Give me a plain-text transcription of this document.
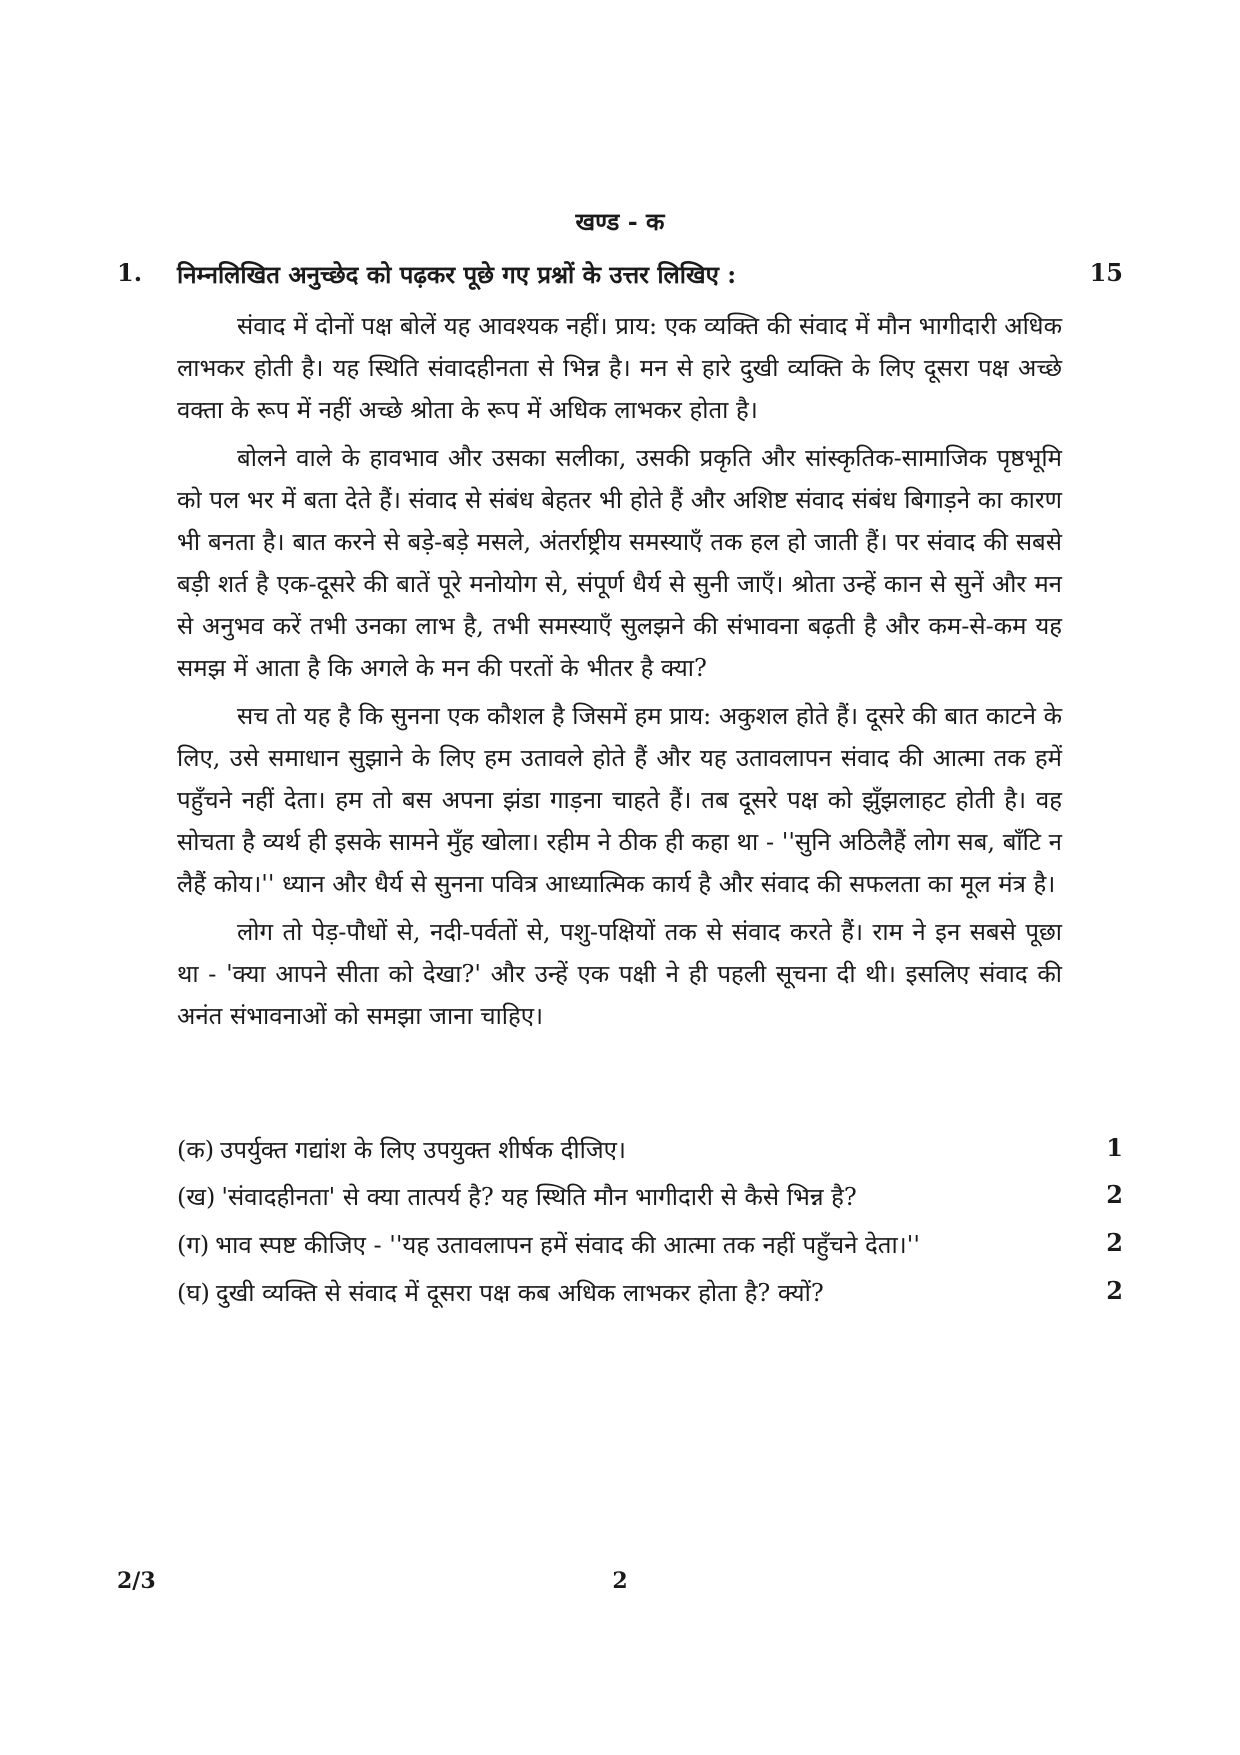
खण्ड - क
1. निम्नलिखित अनुच्छेद को पढ़कर पूछे गए प्रश्नों के उत्तर लिखिए :	15

संवाद में दोनों पक्ष बोलें यह आवश्यक नहीं। प्राय: एक व्यक्ति की संवाद में मौन भागीदारी अधिक लाभकर होती है। यह स्थिति संवादहीनता से भिन्न है। मन से हारे दुखी व्यक्ति के लिए दूसरा पक्ष अच्छे वक्ता के रूप में नहीं अच्छे श्रोता के रूप में अधिक लाभकर होता है।

बोलने वाले के हावभाव और उसका सलीका, उसकी प्रकृति और सांस्कृतिक-सामाजिक पृष्ठभूमि को पल भर में बता देते हैं। संवाद से संबंध बेहतर भी होते हैं और अशिष्ट संवाद संबंध बिगाड़ने का कारण भी बनता है। बात करने से बड़े-बड़े मसले, अंतर्राष्ट्रीय समस्याएँ तक हल हो जाती हैं। पर संवाद की सबसे बड़ी शर्त है एक-दूसरे की बातें पूरे मनोयोग से, संपूर्ण धैर्य से सुनी जाएँ। श्रोता उन्हें कान से सुनें और मन से अनुभव करें तभी उनका लाभ है, तभी समस्याएँ सुलझने की संभावना बढ़ती है और कम-से-कम यह समझ में आता है कि अगले के मन की परतों के भीतर है क्या?

सच तो यह है कि सुनना एक कौशल है जिसमें हम प्राय: अकुशल होते हैं। दूसरे की बात काटने के लिए, उसे समाधान सुझाने के लिए हम उतावले होते हैं और यह उतावलापन संवाद की आत्मा तक हमें पहुँचने नहीं देता। हम तो बस अपना झंडा गाड़ना चाहते हैं। तब दूसरे पक्ष को झुँझलाहट होती है। वह सोचता है व्यर्थ ही इसके सामने मुँह खोला। रहीम ने ठीक ही कहा था - ''सुनि अठिलैहैं लोग सब, बाँटि न लैहैं कोय।'' ध्यान और धैर्य से सुनना पवित्र आध्यात्मिक कार्य है और संवाद की सफलता का मूल मंत्र है।

लोग तो पेड़-पौधों से, नदी-पर्वतों से, पशु-पक्षियों तक से संवाद करते हैं। राम ने इन सबसे पूछा था - 'क्या आपने सीता को देखा?' और उन्हें एक पक्षी ने ही पहली सूचना दी थी। इसलिए संवाद की अनंत संभावनाओं को समझा जाना चाहिए।

(क) उपर्युक्त गद्यांश के लिए उपयुक्त शीर्षक दीजिए।	1
(ख) 'संवादहीनता' से क्या तात्पर्य है? यह स्थिति मौन भागीदारी से कैसे भिन्न है?	2
(ग) भाव स्पष्ट कीजिए - ''यह उतावलापन हमें संवाद की आत्मा तक नहीं पहुँचने देता।''	2
(घ) दुखी व्यक्ति से संवाद में दूसरा पक्ष कब अधिक लाभकर होता है? क्यों?	2
2/3	2
